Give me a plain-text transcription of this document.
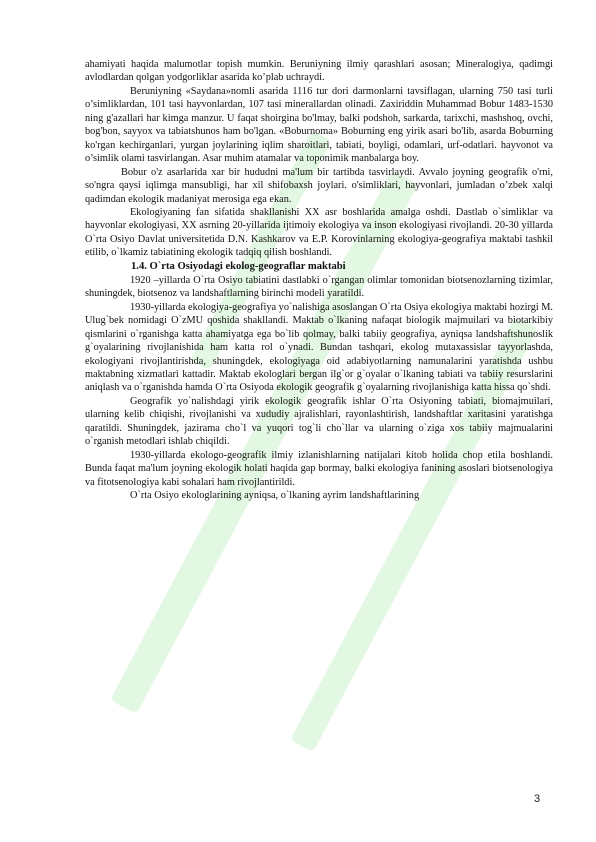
ahamiyati haqida malumotlar topish mumkin. Beruniyning ilmiy qarashlari asosan; Mineralogiya, qadimgi avlodlardan qolgan yodgorliklar asarida ko’plab uchraydi.

Beruniyning «Saydana»nomli asarida 1116 tur dori darmonlarni tavsiflagan, ularning 750 tasi turli o’simliklardan, 101 tasi hayvonlardan, 107 tasi minerallardan olinadi. Zaxiriddin Muhammad Bobur 1483-1530 ning g'azallari har kimga manzur. U faqat shoirgina bo'lmay, balki podshoh, sarkarda, tarixchi, mashshoq, ovchi, bog'bon, sayyox va tabiatshunos ham bo'lgan. «Boburnoma» Boburning eng yirik asari bo'lib, asarda Boburning ko'rgan kechirganlari, yurgan joylarining iqlim sharoitlari, tabiati, boyligi, odamlari, urf-odatlari. hayvonot va o’simlik olami tasvirlangan. Asar muhim atamalar va toponimik manbalarga boy.

Bobur o'z asarlarida xar bir hududni ma'lum bir tartibda tasvirlaydi. Avvalo joyning geografik o'rni, so'ngra qaysi iqlimga mansubligi, har xil shifobaxsh joylari. o'simliklari, hayvonlari, jumladan o’zbek xalqi qadimdan ekologik madaniyat merosiga ega ekan.

Ekologiyaning fan sifatida shakllanishi XX asr boshlarida amalga oshdi. Dastlab o`simliklar va hayvonlar ekologiyasi, XX asrning 20-yillarida ijtimoiy ekologiya va inson ekologiyasi rivojlandi. 20-30 yillarda O`rta Osiyo Davlat universitetida D.N. Kashkarov va E.P. Korovinlarning ekologiya-geografiya maktabi tashkil etilib, o`lkamiz tabiatining ekologik tadqiq qilish boshlandi.

1.4. O`rta Osiyodagi ekolog-geograflar maktabi

1920 –yillarda O`rta Osiyo tabiatini dastlabki o`rgangan olimlar tomonidan biotsenozlarning tizimlar, shuningdek, biotsenoz va landshaftlarning birinchi modeli yaratildi.

1930-yillarda ekologiya-geografiya yo`nalishiga asoslangan O`rta Osiya ekologiya maktabi hozirgi M. Ulug`bek nomidagi O`zMU qoshida shakllandi. Maktab o`lkaning nafaqat biologik majmuilari va biotarkibiy qismlarini o`rganishga katta ahamiyatga ega bo`lib qolmay, balki tabiiy geografiya, ayniqsa landshaftshunoslik g`oyalarining rivojlanishida ham katta rol o`ynadi. Bundan tashqari, ekolog mutaxassislar tayyorlashda, ekologiyani rivojlantirishda, shuningdek, ekologiyaga oid adabiyotlarning namunalarini yaratishda ushbu maktabning xizmatlari kattadir. Maktab ekologlari bergan ilg`or g`oyalar o`lkaning tabiati va tabiiy resurslarini aniqlash va o`rganishda hamda O`rta Osiyoda ekologik geografik g`oyalarning rivojlanishiga katta hissa qo`shdi.

Geografik yo`nalishdagi yirik ekologik geografik ishlar O`rta Osiyoning tabiati, biomajmuilari, ularning kelib chiqishi, rivojlanishi va xududiy ajralishlari, rayonlashtirish, landshaftlar xaritasini yaratishga qaratildi. Shuningdek, jazirama cho`l va yuqori tog`li cho`llar va ularning o`ziga xos tabiiy majmualarini o`rganish metodlari ishlab chiqildi.

1930-yillarda ekologo-geografik ilmiy izlanishlarning natijalari kitob holida chop etila boshlandi. Bunda faqat ma'lum joyning ekologik holati haqida gap bormay, balki ekologiya fanining asoslari biotsenologiya va fitotsenologiya kabi sohalari ham rivojlantirildi.

O`rta Osiyo ekologlarining ayniqsa, o`lkaning ayrim landshaftlarining

3
